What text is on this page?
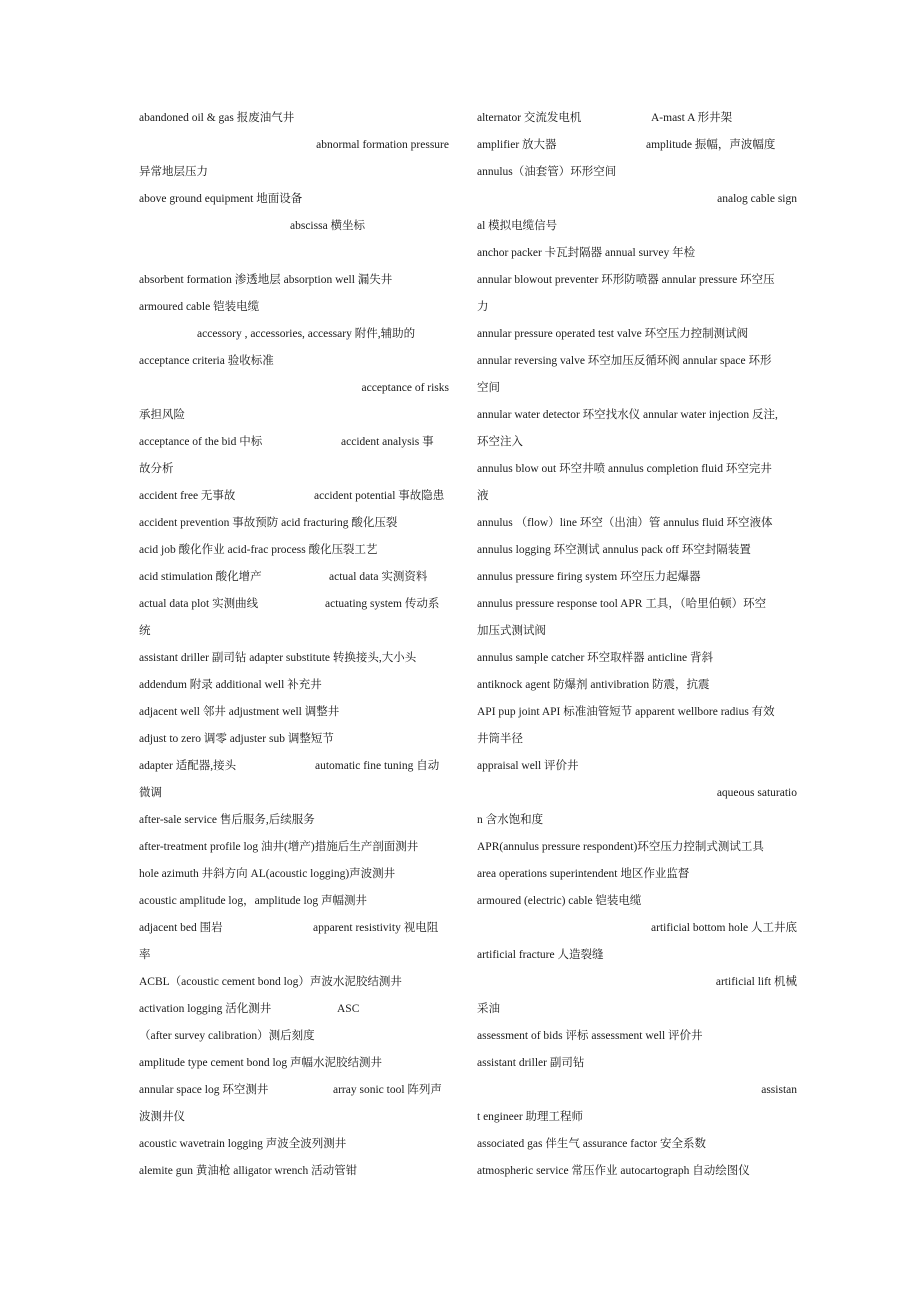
abandoned oil & gas 报废油气井
abnormal formation pressure
异常地层压力
above ground equipment 地面设备
abscissa 横坐标
absorbent formation 渗透地层 absorption well 漏失井
armoured cable 铠装电缆
accessory , accessories, accessary 附件,辅助的
acceptance criteria 验收标准
acceptance of risks
承担风险
acceptance of the bid 中标	accident analysis 事
故分析
accident free 无事故	accident potential 事故隐患
accident prevention 事故预防 acid fracturing 酸化压裂
acid job 酸化作业 acid-frac process 酸化压裂工艺
acid stimulation 酸化增产	actual data 实测资料
actual data plot 实测曲线	actuating system 传动系
统
assistant driller 副司钻 adapter substitute 转换接头,大小头
addendum 附录 additional well 补充井
adjacent well 邻井 adjustment well 调整井
adjust to zero 调零 adjuster sub 调整短节
adapter 适配器,接头	automatic fine tuning 自动
微调
after-sale service 售后服务,后续服务
after-treatment profile log 油井(增产)措施后生产剖面测井
hole azimuth 井斜方向 AL(acoustic logging)声波测井
acoustic amplitude log，amplitude log 声幅测井
adjacent bed 围岩	apparent resistivity 视电阻
率
ACBL（acoustic cement bond log）声波水泥胶结测井
activation logging 活化测井	ASC
（after survey calibration）测后刻度
amplitude type cement bond log 声幅水泥胶结测井
annular space log 环空测井	array sonic tool 阵列声
波测井仪
acoustic wavetrain logging 声波全波列测井
alemite gun 黄油枪 alligator wrench 活动管钳
alternator 交流发电机	A-mast A 形井架
amplifier 放大器	amplitude 振幅，声波幅度
annulus（油套管）环形空间
analog cable sign
al 模拟电缆信号
anchor packer 卡瓦封隔器 annual survey 年检
annular blowout preventer 环形防喷器 annular pressure 环空压
力
annular pressure operated test valve 环空压力控制测试阀
annular reversing valve 环空加压反循环阀 annular space 环形
空间
annular water detector 环空找水仪 annular water injection 反注,
环空注入
annulus blow out 环空井喷 annulus completion fluid 环空完井
液
annulus （flow）line 环空（出油）管 annulus fluid 环空液体
annulus logging 环空测试 annulus pack off 环空封隔装置
annulus pressure firing system 环空压力起爆器
annulus pressure response tool APR 工具，（哈里伯顿）环空
加压式测试阀
annulus sample catcher 环空取样器 anticline 背斜
antiknock agent 防爆剂 antivibration 防震，抗震
API pup joint API 标准油管短节 apparent wellbore radius 有效
井筒半径
appraisal well 评价井
aqueous saturatio
n 含水饱和度
APR(annulus pressure respondent)环空压力控制式测试工具
area operations superintendent 地区作业监督
armoured (electric) cable 铠装电缆
artificial bottom hole 人工井底
artificial fracture 人造裂缝
artificial lift 机械
采油
assessment of bids 评标 assessment well 评价井
assistant driller 副司钻
assistan
t engineer 助理工程师
associated gas 伴生气 assurance factor 安全系数
atmospheric service 常压作业 autocartograph 自动绘图仪
